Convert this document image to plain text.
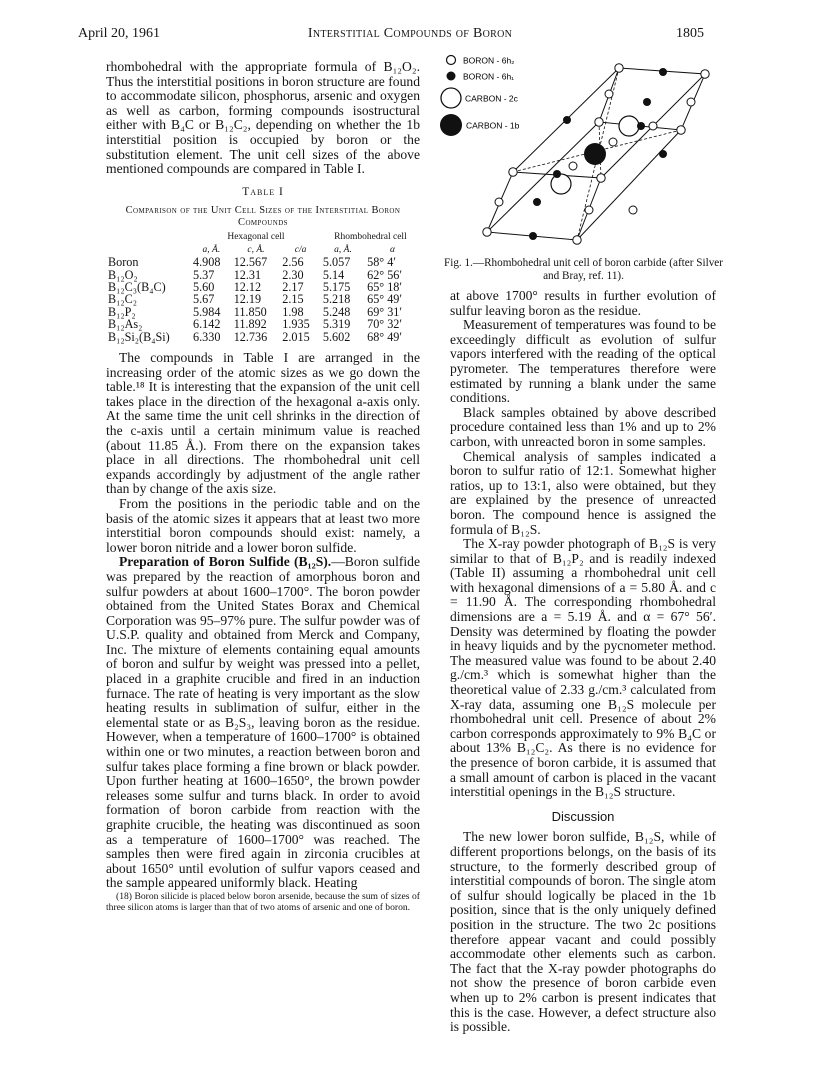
April 20, 1961	Interstitial Compounds of Boron	1805

rhombohedral with the appropriate formula of B₁₂O₂. Thus the interstitial positions in boron structure are found to accommodate silicon, phosphorus, arsenic and oxygen as well as carbon, forming compounds isostructural either with B₄C or B₁₂C₂, depending on whether the 1b interstitial position is occupied by boron or the substitution element. The unit cell sizes of the above mentioned compounds are compared in Table I.

Table I
Comparison of the Unit Cell Sizes of the Interstitial Boron Compounds
	Hexagonal cell			Rhombohedral cell	
	a, Å.	c, Å.	c/a	a, Å.	α
Boron	4.908	12.567	2.56	5.057	58° 4′
B₁₂O₂	5.37	12.31	2.30	5.14	62° 56′
B₁₂C₃(B₄C)	5.60	12.12	2.17	5.175	65° 18′
B₁₂C₂	5.67	12.19	2.15	5.218	65° 49′
B₁₂P₂	5.984	11.850	1.98	5.248	69° 31′
B₁₂As₂	6.142	11.892	1.935	5.319	70° 32′
B₁₂Si₂(B₄Si)	6.330	12.736	2.015	5.602	68° 49′

The compounds in Table I are arranged in the increasing order of the atomic sizes as we go down the table.¹⁸ It is interesting that the expansion of the unit cell takes place in the direction of the hexagonal a-axis only. At the same time the unit cell shrinks in the direction of the c-axis until a certain minimum value is reached (about 11.85 Å.). From there on the expansion takes place in all directions. The rhombohedral unit cell expands accordingly by adjustment of the angle rather than by change of the axis size.

From the positions in the periodic table and on the basis of the atomic sizes it appears that at least two more interstitial boron compounds should exist: namely, a lower boron nitride and a lower boron sulfide.

Preparation of Boron Sulfide (B₁₂S).—Boron sulfide was prepared by the reaction of amorphous boron and sulfur powders at about 1600–1700°. The boron powder obtained from the United States Borax and Chemical Corporation was 95–97% pure. The sulfur powder was of U.S.P. quality and obtained from Merck and Company, Inc. The mixture of elements containing equal amounts of boron and sulfur by weight was pressed into a pellet, placed in a graphite crucible and fired in an induction furnace. The rate of heating is very important as the slow heating results in sublimation of sulfur, either in the elemental state or as B₂S₃, leaving boron as the residue. However, when a temperature of 1600–1700° is obtained within one or two minutes, a reaction between boron and sulfur takes place forming a fine brown or black powder. Upon further heating at 1600–1650°, the brown powder releases some sulfur and turns black. In order to avoid formation of boron carbide from reaction with the graphite crucible, the heating was discontinued as soon as a temperature of 1600–1700° was reached. The samples then were fired again in zirconia crucibles at about 1650° until evolution of sulfur vapors ceased and the sample appeared uniformly black. Heating

(18) Boron silicide is placed below boron arsenide, because the sum of sizes of three silicon atoms is larger than that of two atoms of arsenic and one of boron.

BORON - 6h₂
BORON - 6h₁
CARBON - 2c
CARBON - 1b
Fig. 1.—Rhombohedral unit cell of boron carbide (after Silver and Bray, ref. 11).

at above 1700° results in further evolution of sulfur leaving boron as the residue.

Measurement of temperatures was found to be exceedingly difficult as evolution of sulfur vapors interfered with the reading of the optical pyrometer. The temperatures therefore were estimated by running a blank under the same conditions.

Black samples obtained by above described procedure contained less than 1% and up to 2% carbon, with unreacted boron in some samples.

Chemical analysis of samples indicated a boron to sulfur ratio of 12:1. Somewhat higher ratios, up to 13:1, also were obtained, but they are explained by the presence of unreacted boron. The compound hence is assigned the formula of B₁₂S.

The X-ray powder photograph of B₁₂S is very similar to that of B₁₂P₂ and is readily indexed (Table II) assuming a rhombohedral unit cell with hexagonal dimensions of a = 5.80 Å. and c = 11.90 Å. The corresponding rhombohedral dimensions are a = 5.19 Å. and α = 67° 56′. Density was determined by floating the powder in heavy liquids and by the pycnometer method. The measured value was found to be about 2.40 g./cm.³ which is somewhat higher than the theoretical value of 2.33 g./cm.³ calculated from X-ray data, assuming one B₁₂S molecule per rhombohedral unit cell. Presence of about 2% carbon corresponds approximately to 9% B₄C or about 13% B₁₂C₂. As there is no evidence for the presence of boron carbide, it is assumed that a small amount of carbon is placed in the vacant interstitial openings in the B₁₂S structure.

Discussion

The new lower boron sulfide, B₁₂S, while of different proportions belongs, on the basis of its structure, to the formerly described group of interstitial compounds of boron. The single atom of sulfur should logically be placed in the 1b position, since that is the only uniquely defined position in the structure. The two 2c positions therefore appear vacant and could possibly accommodate other elements such as carbon. The fact that the X-ray powder photographs do not show the presence of boron carbide even when up to 2% carbon is present indicates that this is the case. However, a defect structure also is possible.
